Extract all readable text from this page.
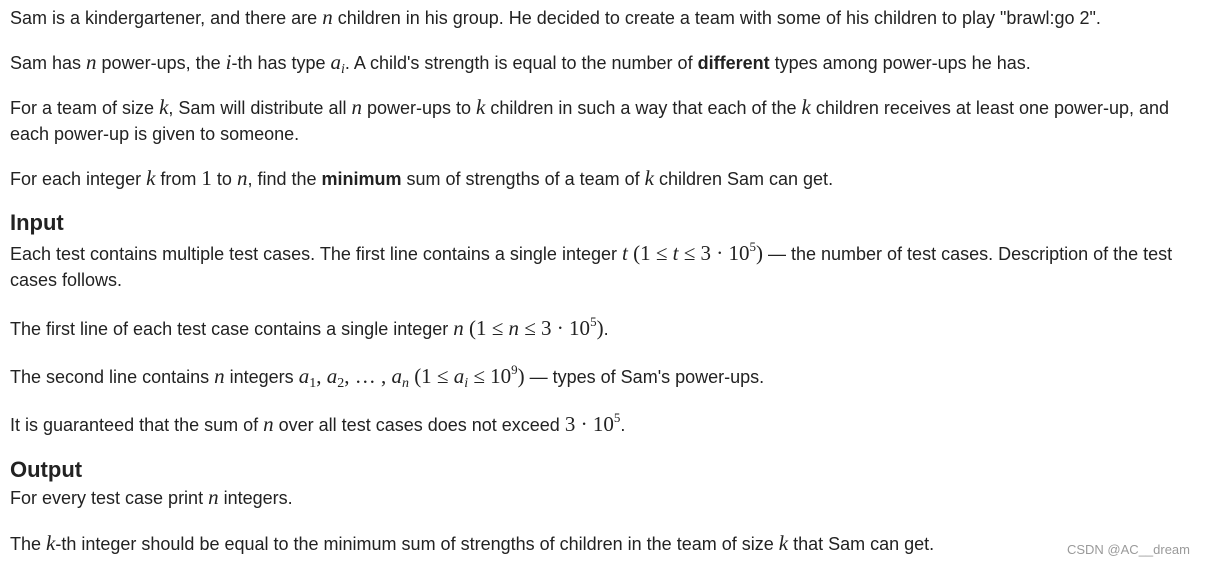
Sam is a kindergartener, and there are n children in his group. He decided to create a team with some of his children to play "brawl:go 2".

Sam has n power-ups, the i-th has type $a_i$. A child's strength is equal to the number of different types among power-ups he has.

For a team of size k, Sam will distribute all n power-ups to k children in such a way that each of the k children receives at least one power-up, and each power-up is given to someone.

For each integer k from 1 to n, find the minimum sum of strengths of a team of k children Sam can get.

Input

Each test contains multiple test cases. The first line contains a single integer t $(1 \le t \le 3 \cdot 10^5)$ — the number of test cases. Description of the test cases follows.

The first line of each test case contains a single integer n $(1 \le n \le 3 \cdot 10^5)$.

The second line contains n integers $a_1$, $a_2$, … , $a_n$ $(1 \le a_i \le 10^9)$ — types of Sam's power-ups.

It is guaranteed that the sum of n over all test cases does not exceed $3 \cdot 10^5$.

Output

For every test case print n integers.

The k-th integer should be equal to the minimum sum of strengths of children in the team of size k that Sam can get.	CSDN @AC__dream
